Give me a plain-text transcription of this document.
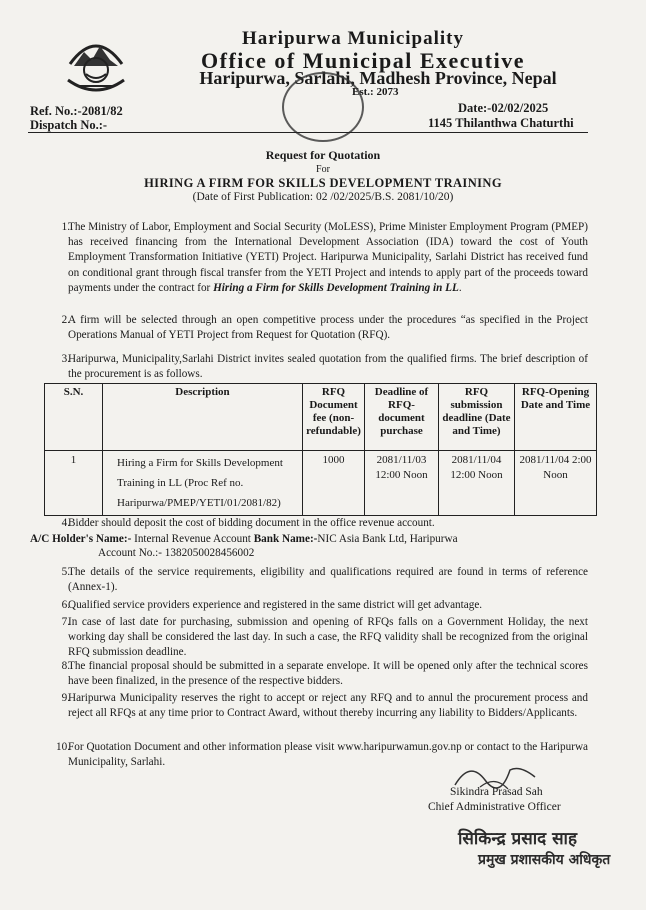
Haripurwa Municipality
Office of Municipal Executive
Haripurwa, Sarlahi, Madhesh Province, Nepal
Est.: 2073
Ref. No.:-2081/82
Dispatch No.:-
Date:-02/02/2025
1145 Thilanthwa Chaturthi
Request for Quotation
For
HIRING A FIRM FOR SKILLS DEVELOPMENT TRAINING
(Date of First Publication: 02 /02/2025/B.S. 2081/10/20)
1.
The Ministry of Labor, Employment and Social Security (MoLESS), Prime Minister Employment Program (PMEP) has received financing from the International Development Association (IDA) toward the cost of Youth Employment Transformation Initiative (YETI) Project. Haripurwa Municipality, Sarlahi District has received fund on conditional grant through fiscal transfer from the YETI Project and intends to apply part of the proceeds toward payments under the contract for Hiring a Firm for Skills Development Training in LL.
2.
A firm will be selected through an open competitive process under the procedures “as specified in the Project Operations Manual of YETI Project from Request for Quotation (RFQ).
3.
Haripurwa, Municipality,Sarlahi District invites sealed quotation from the qualified firms. The brief description of the procurement is as follows.
S.N.	Description	RFQ Document fee (non-refundable)	Deadline of RFQ-document purchase	RFQ submission deadline (Date and Time)	RFQ-Opening Date and Time
1	Hiring a Firm for Skills Development Training in LL (Proc Ref no. Haripurwa/PMEP/YETI/01/2081/82)	1000	2081/11/03 12:00 Noon	2081/11/04 12:00 Noon	2081/11/04 2:00 Noon
4.
Bidder should deposit the cost of bidding document in the office revenue account.
A/C Holder's Name:- Internal Revenue Account Bank Name:-NIC Asia Bank Ltd, Haripurwa
Account No.:- 1382050028456002
5.
The details of the service requirements, eligibility and qualifications required are found in terms of reference (Annex-1).
6.
Qualified service providers experience and registered in the same district will get advantage.
7.
In case of last date for purchasing, submission and opening of RFQs falls on a Government Holiday, the next working day shall be considered the last day. In such a case, the RFQ validity shall be recognized from the original RFQ submission deadline.
8.
The financial proposal should be submitted in a separate envelope. It will be opened only after the technical scores have been finalized, in the presence of the respective bidders.
9.
Haripurwa Municipality reserves the right to accept or reject any RFQ and to annul the procurement process and reject all RFQs at any time prior to Contract Award, without thereby incurring any liability to Bidders/Applicants.
10.
For Quotation Document and other information please visit www.haripurwamun.gov.np or contact to the Haripurwa Municipality, Sarlahi.
Sikindra Prasad Sah
Chief Administrative Officer
सिकिन्द्र प्रसाद साह
प्रमुख प्रशासकीय अधिकृत
